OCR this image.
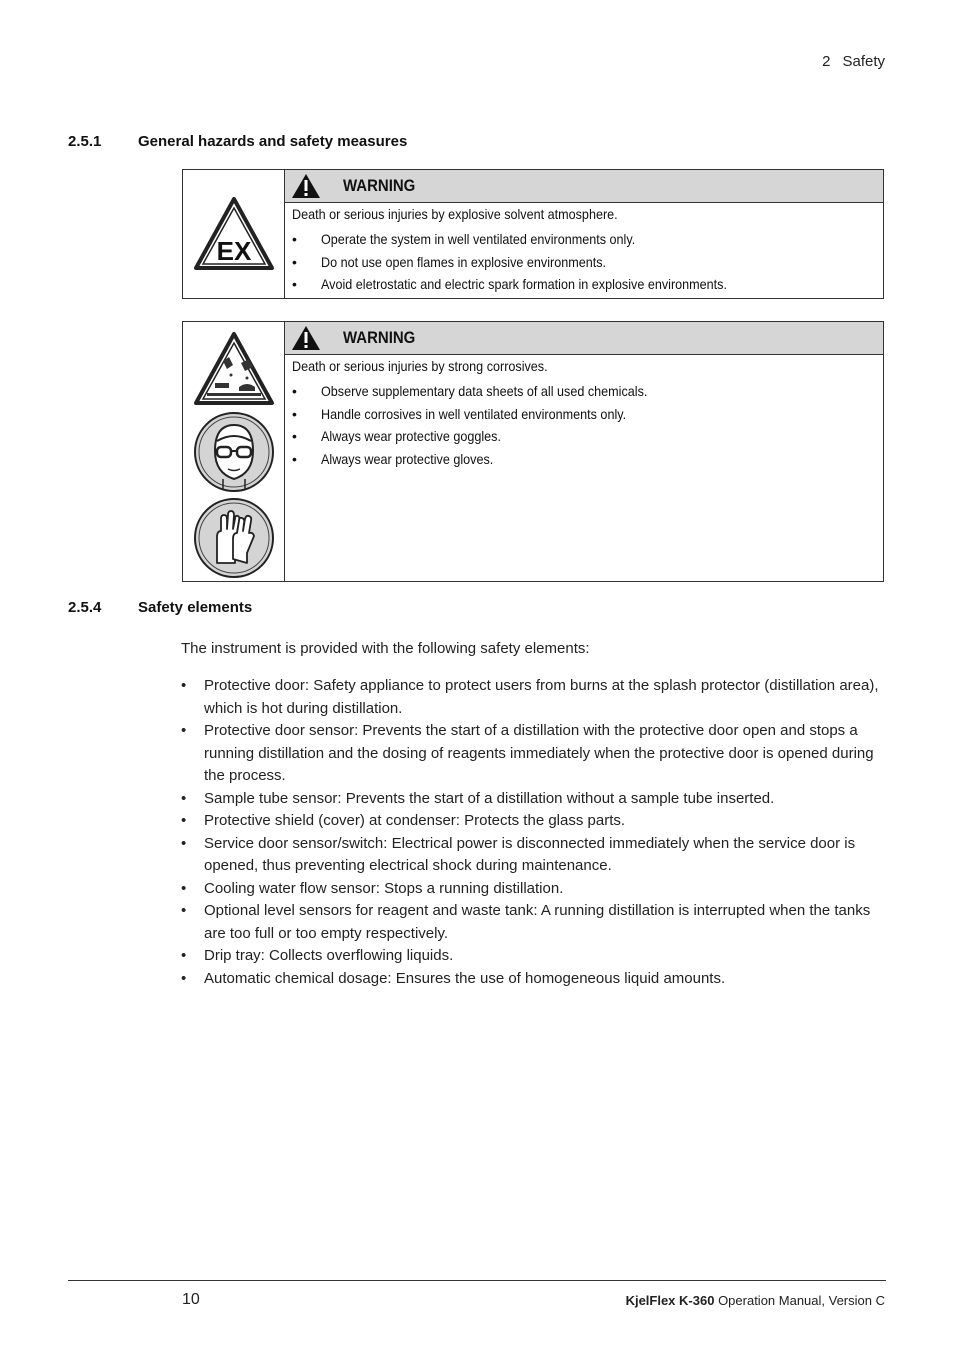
2 Safety
2.5.1 General hazards and safety measures
EX
WARNING
Death or serious injuries by explosive solvent atmosphere.
• Operate the system in well ventilated environments only.
• Do not use open flames in explosive environments.
• Avoid eletrostatic and electric spark formation in explosive environments.
WARNING
Death or serious injuries by strong corrosives.
• Observe supplementary data sheets of all used chemicals.
• Handle corrosives in well ventilated environments only.
• Always wear protective goggles.
• Always wear protective gloves.
2.5.4 Safety elements
The instrument is provided with the following safety elements:
• Protective door: Safety appliance to protect users from burns at the splash protector (distillation area), which is hot during distillation.
• Protective door sensor: Prevents the start of a distillation with the protective door open and stops a running distillation and the dosing of reagents immediately when the protective door is opened during the process.
• Sample tube sensor: Prevents the start of a distillation without a sample tube inserted.
• Protective shield (cover) at condenser: Protects the glass parts.
• Service door sensor/switch: Electrical power is disconnected immediately when the service door is opened, thus preventing electrical shock during maintenance.
• Cooling water flow sensor: Stops a running distillation.
• Optional level sensors for reagent and waste tank: A running distillation is interrupted when the tanks are too full or too empty respectively.
• Drip tray: Collects overflowing liquids.
• Automatic chemical dosage: Ensures the use of homogeneous liquid amounts.
10	KjelFlex K-360 Operation Manual, Version C
